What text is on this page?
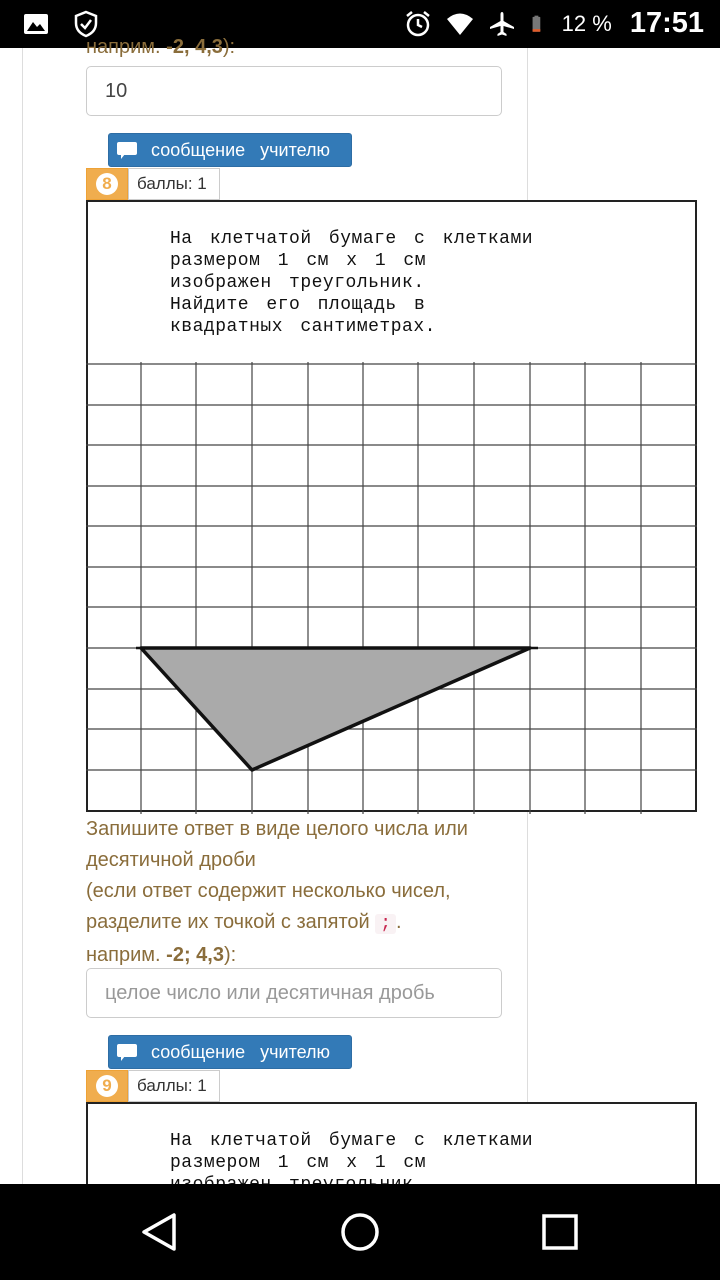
12 % 17:51
наприм. -2, 4,3):
10
сообщение учителю
8	баллы: 1
На клетчатой бумаге с клетками
размером 1 см х 1 см
изображен треугольник.
Найдите его площадь в
квадратных сантиметрах.
Запишите ответ в виде целого числа или десятичной дроби
(если ответ содержит несколько чисел, разделите их точкой с запятой ; .
наприм. -2; 4,3):
целое число или десятичная дробь
сообщение учителю
9	баллы: 1
На клетчатой бумаге с клетками
размером 1 см х 1 см
